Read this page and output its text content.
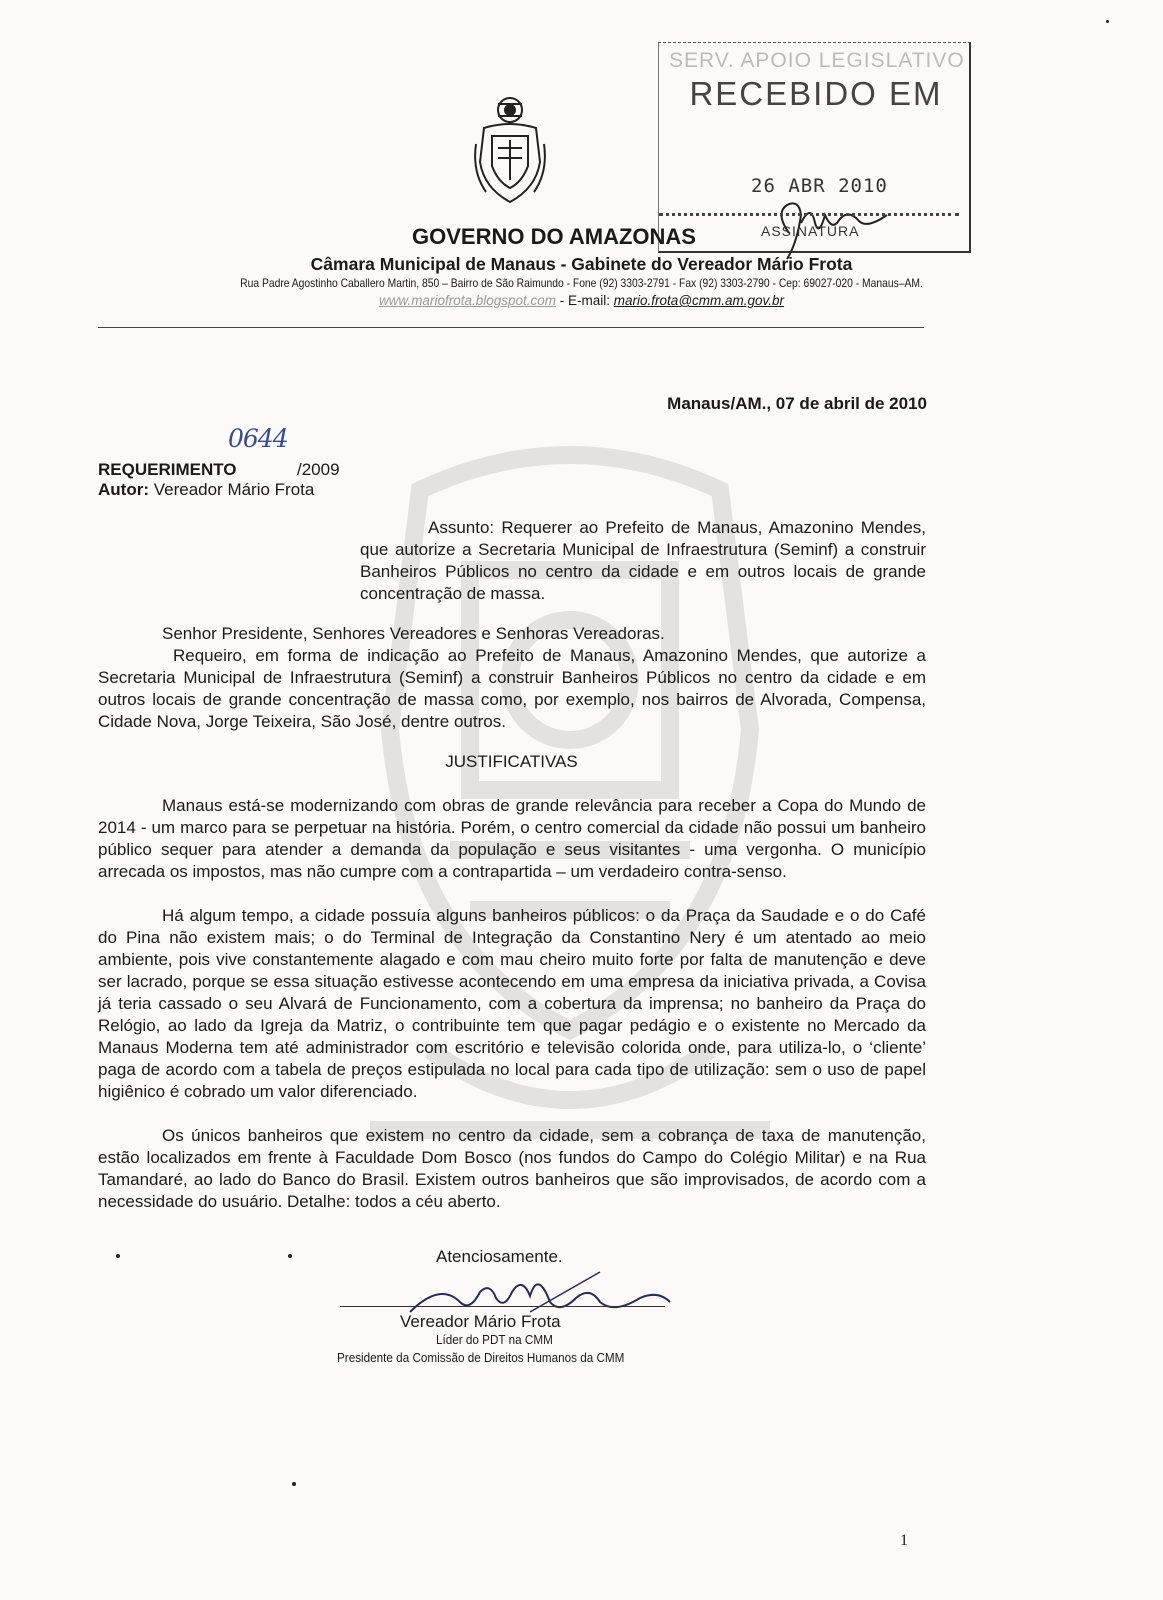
SERV. APOIO LEGISLATIVO
RECEBIDO EM
26 ABR 2010
ASSINATURA
GOVERNO DO AMAZONAS
Câmara Municipal de Manaus - Gabinete do Vereador Mário Frota
Rua Padre Agostinho Caballero Martin, 850 – Bairro de São Raimundo - Fone (92) 3303-2791 - Fax (92) 3303-2790 - Cep: 69027-020 - Manaus–AM.
www.mariofrota.blogspot.com - E-mail: mario.frota@cmm.am.gov.br
Manaus/AM., 07 de abril de 2010
0644
REQUERIMENTO	/2009
Autor: Vereador Mário Frota
Assunto: Requerer ao Prefeito de Manaus, Amazonino Mendes, que autorize a Secretaria Municipal de Infraestrutura (Seminf) a construir Banheiros Públicos no centro da cidade e em outros locais de grande concentração de massa.
Senhor Presidente, Senhores Vereadores e Senhoras Vereadoras.
Requeiro, em forma de indicação ao Prefeito de Manaus, Amazonino Mendes, que autorize a Secretaria Municipal de Infraestrutura (Seminf) a construir Banheiros Públicos no centro da cidade e em outros locais de grande concentração de massa como, por exemplo, nos bairros de Alvorada, Compensa, Cidade Nova, Jorge Teixeira, São José, dentre outros.
JUSTIFICATIVAS
Manaus está-se modernizando com obras de grande relevância para receber a Copa do Mundo de 2014 - um marco para se perpetuar na história. Porém, o centro comercial da cidade não possui um banheiro público sequer para atender a demanda da população e seus visitantes - uma vergonha. O município arrecada os impostos, mas não cumpre com a contrapartida – um verdadeiro contra-senso.
Há algum tempo, a cidade possuía alguns banheiros públicos: o da Praça da Saudade e o do Café do Pina não existem mais; o do Terminal de Integração da Constantino Nery é um atentado ao meio ambiente, pois vive constantemente alagado e com mau cheiro muito forte por falta de manutenção e deve ser lacrado, porque se essa situação estivesse acontecendo em uma empresa da iniciativa privada, a Covisa já teria cassado o seu Alvará de Funcionamento, com a cobertura da imprensa; no banheiro da Praça do Relógio, ao lado da Igreja da Matriz, o contribuinte tem que pagar pedágio e o existente no Mercado da Manaus Moderna tem até administrador com escritório e televisão colorida onde, para utiliza-lo, o ‘cliente’ paga de acordo com a tabela de preços estipulada no local para cada tipo de utilização: sem o uso de papel higiênico é cobrado um valor diferenciado.
Os únicos banheiros que existem no centro da cidade, sem a cobrança de taxa de manutenção, estão localizados em frente à Faculdade Dom Bosco (nos fundos do Campo do Colégio Militar) e na Rua Tamandaré, ao lado do Banco do Brasil. Existem outros banheiros que são improvisados, de acordo com a necessidade do usuário. Detalhe: todos a céu aberto.
Atenciosamente.
Vereador Mário Frota
Líder do PDT na CMM
Presidente da Comissão de Direitos Humanos da CMM
1
